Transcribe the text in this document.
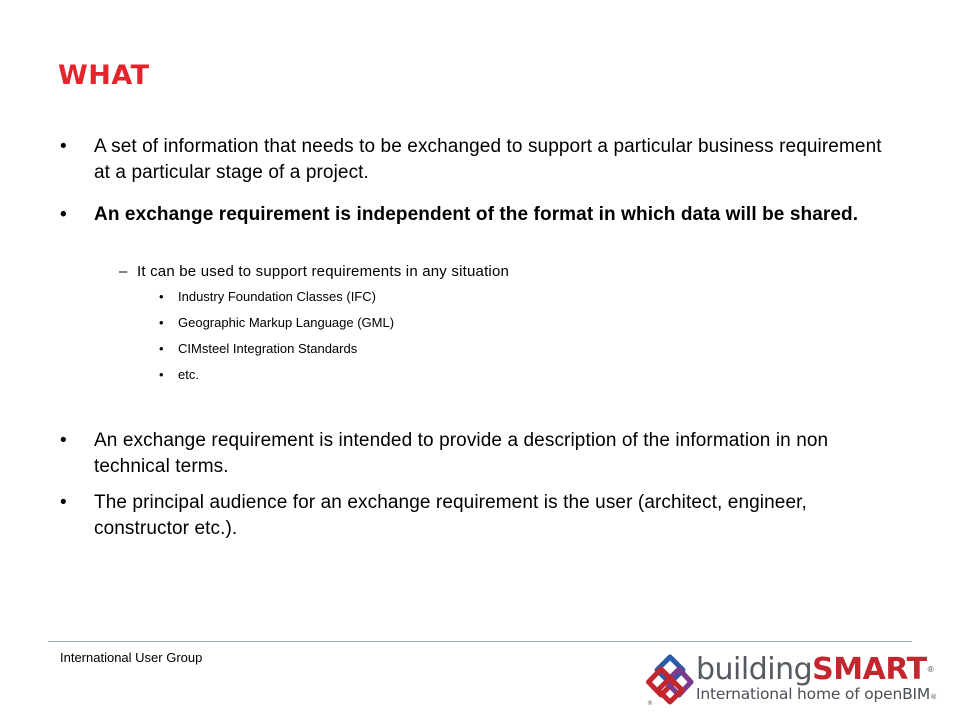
WHAT
• A set of information that needs to be exchanged to support a particular business requirement at a particular stage of a project.
• An exchange requirement is independent of the format in which data will be shared.
– It can be used to support requirements in any situation
• Industry Foundation Classes (IFC)
• Geographic Markup Language (GML)
• CIMsteel Integration Standards
• etc.
• An exchange requirement is intended to provide a description of the information in non technical terms.
• The principal audience for an exchange requirement is the user (architect, engineer, constructor etc.).
International User Group
®
buildingSMART®
International home of openBIM®
